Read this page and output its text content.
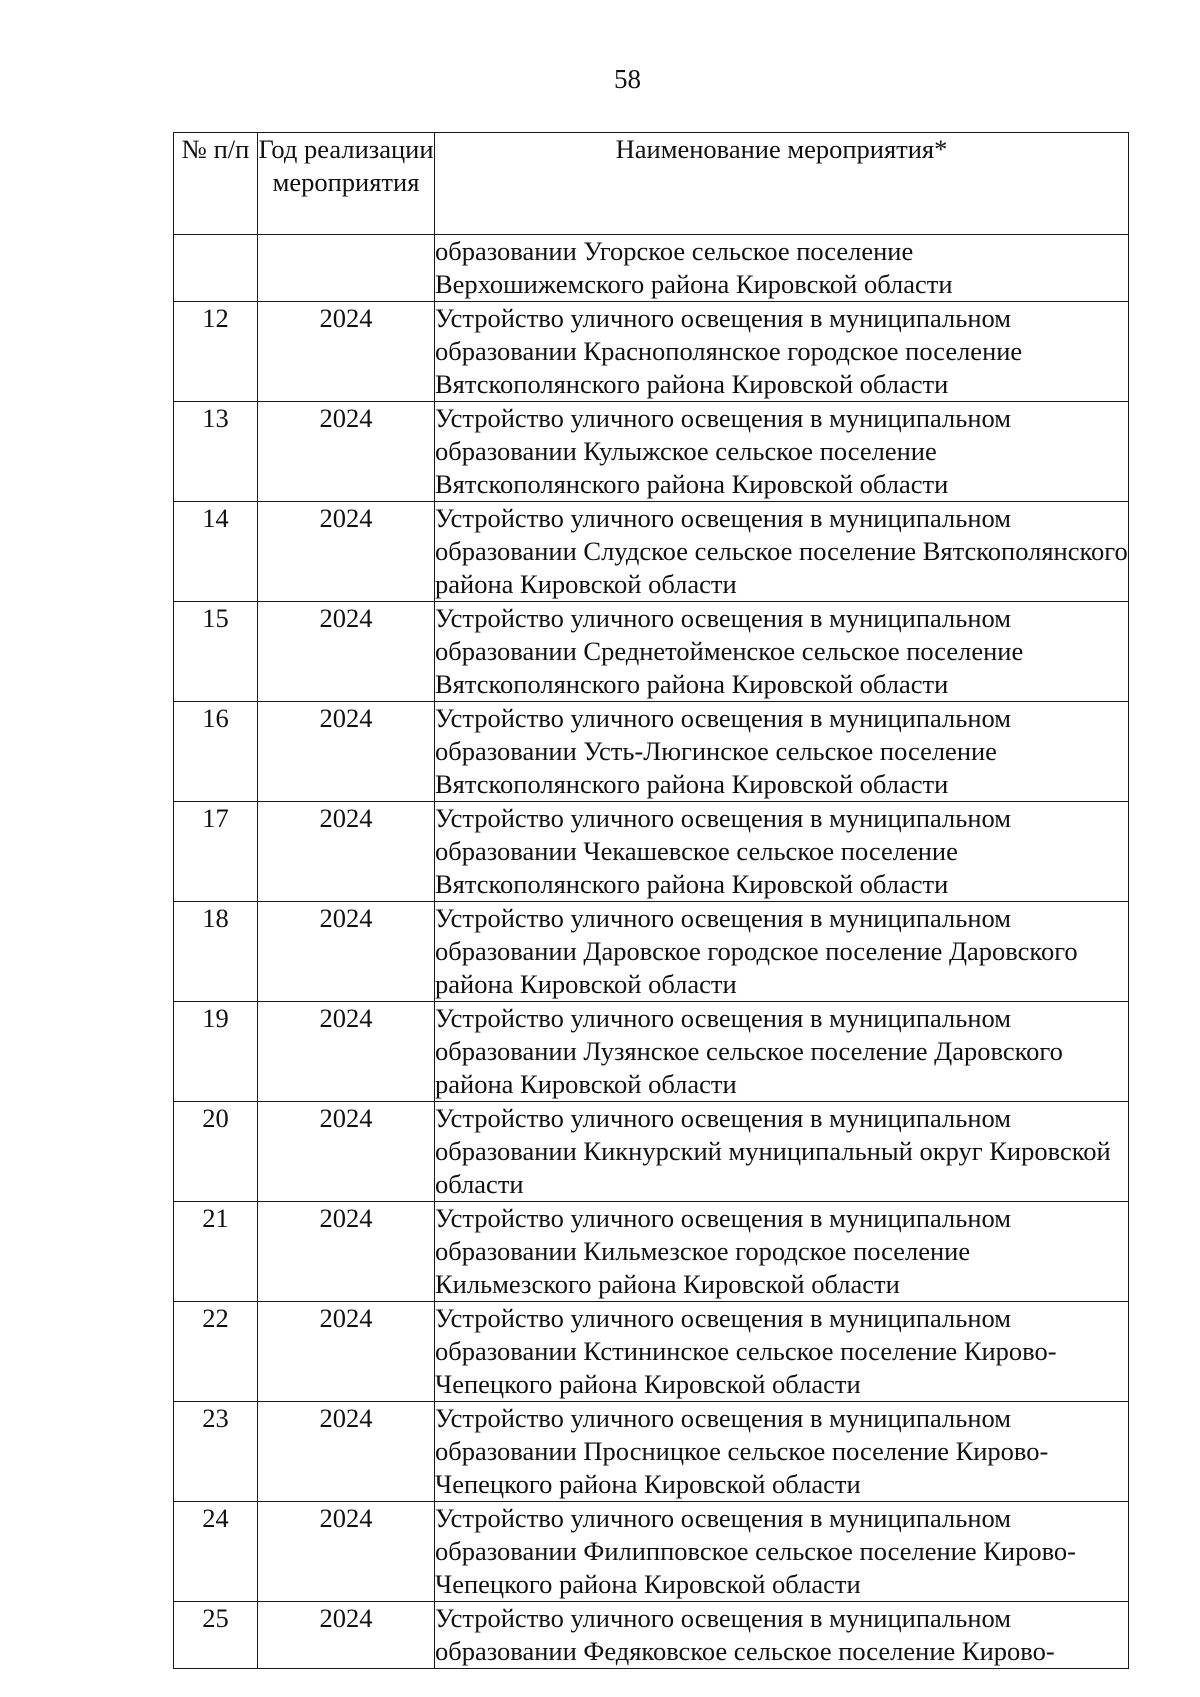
58
№ п/п	Год реализации мероприятия	Наименование мероприятия*
		образовании Угорское сельское поселение Верхошижемского района Кировской области
12	2024	Устройство уличного освещения в муниципальном образовании Краснополянское городское поселение Вятскополянского района Кировской области
13	2024	Устройство уличного освещения в муниципальном образовании Кулыжское сельское поселение Вятскополянского района Кировской области
14	2024	Устройство уличного освещения в муниципальном образовании Слудское сельское поселение Вятскополянского района Кировской области
15	2024	Устройство уличного освещения в муниципальном образовании Среднетойменское сельское поселение Вятскополянского района Кировской области
16	2024	Устройство уличного освещения в муниципальном образовании Усть-Люгинское сельское поселение Вятскополянского района Кировской области
17	2024	Устройство уличного освещения в муниципальном образовании Чекашевское сельское поселение Вятскополянского района Кировской области
18	2024	Устройство уличного освещения в муниципальном образовании Даровское городское поселение Даровского района Кировской области
19	2024	Устройство уличного освещения в муниципальном образовании Лузянское сельское поселение Даровского района Кировской области
20	2024	Устройство уличного освещения в муниципальном образовании Кикнурский муниципальный округ Кировской области
21	2024	Устройство уличного освещения в муниципальном образовании Кильмезское городское поселение Кильмезского района Кировской области
22	2024	Устройство уличного освещения в муниципальном образовании Кстининское сельское поселение Кирово-Чепецкого района Кировской области
23	2024	Устройство уличного освещения в муниципальном образовании Просницкое сельское поселение Кирово-Чепецкого района Кировской области
24	2024	Устройство уличного освещения в муниципальном образовании Филипповское сельское поселение Кирово-Чепецкого района Кировской области
25	2024	Устройство уличного освещения в муниципальном образовании Федяковское сельское поселение Кирово-
